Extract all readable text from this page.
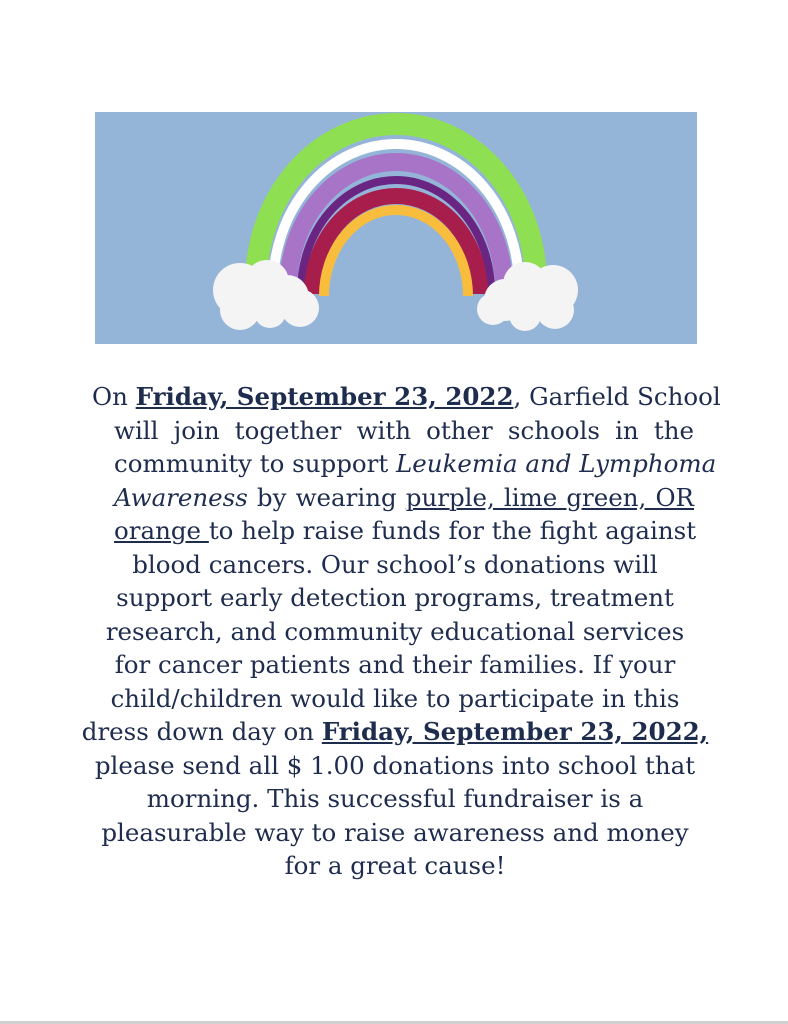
On Friday, September 23, 2022, Garfield School
will join together with other schools in the
community to support Leukemia and Lymphoma
Awareness by wearing purple, lime green, OR
orange to help raise funds for the fight against
blood cancers. Our school’s donations will
support early detection programs, treatment
research, and community educational services
for cancer patients and their families. If your
child/children would like to participate in this
dress down day on Friday, September 23, 2022,
please send all $ 1.00 donations into school that
morning. This successful fundraiser is a
pleasurable way to raise awareness and money
for a great cause!
